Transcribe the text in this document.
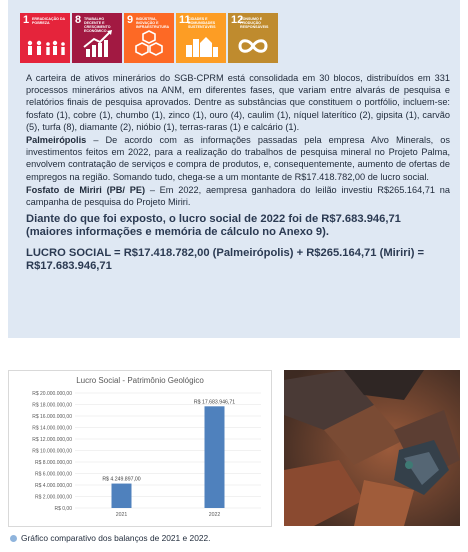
1 ERRADICAÇÃO DA POBREZA	8 TRABALHO DECENTE E CRESCIMENTO ECONÔMICO
9 INDÚSTRIA, INOVAÇÃO E INFRAESTRUTURA
11
CIDADES E COMUNIDADES SUSTENTÁVEIS
12
CONSUMO E PRODUÇÃO RESPONSÁVEIS

A carteira de ativos minerários do SGB-CPRM está consolidada em 30 blocos, distribuídos em 331 processos minerários ativos na ANM, em diferentes fases, que variam entre alvarás de pesquisa e relatórios finais de pesquisa aprovados. Dentre as substâncias que constituem o portfólio, incluem-se: fosfato (1), cobre (1), chumbo (1), zinco (1), ouro (4), caulim (1), níquel laterítico (2), gipsita (1), carvão (5), turfa (8), diamante (2), nióbio (1), terras-raras (1) e calcário (1).

Palmeirópolis – De acordo com as informações passadas pela empresa Alvo Minerals, os investimentos feitos em 2022, para a realização do trabalhos de pesquisa mineral no Projeto Palma, envolvem contratação de serviços e compra de produtos, e, consequentemente, aumento de ofertas de empregos na região. Somando tudo, chega-se a um montante de R$17.418.782,00 de lucro social.

Fosfato de Miriri (PB/ PE) – Em 2022, aempresa ganhadora do leilão investiu R$265.164,71 na campanha de pesquisa do Projeto Miriri.

Diante do que foi exposto, o lucro social de 2022 foi de R$7.683.946,71 (maiores informações e memória de cálculo no Anexo 9).

LUCRO SOCIAL = R$17.418.782,00 (Palmeirópolis) + R$265.164,71 (Miriri) = R$17.683.946,71

Lucro Social - Patrimônio Geológico
R$ 0,00
R$ 2.000.000,00
R$ 4.000.000,00
R$ 6.000.000,00
R$ 8.000.000,00
R$ 10.000.000,00
R$ 12.000.000,00
R$ 14.000.000,00
R$ 16.000.000,00
R$ 18.000.000,00
R$ 20.000.000,00
R$ 4.249.897,00
2021
R$ 17.683.946,71
2022
Gráfico comparativo dos balanços de 2021 e 2022.
